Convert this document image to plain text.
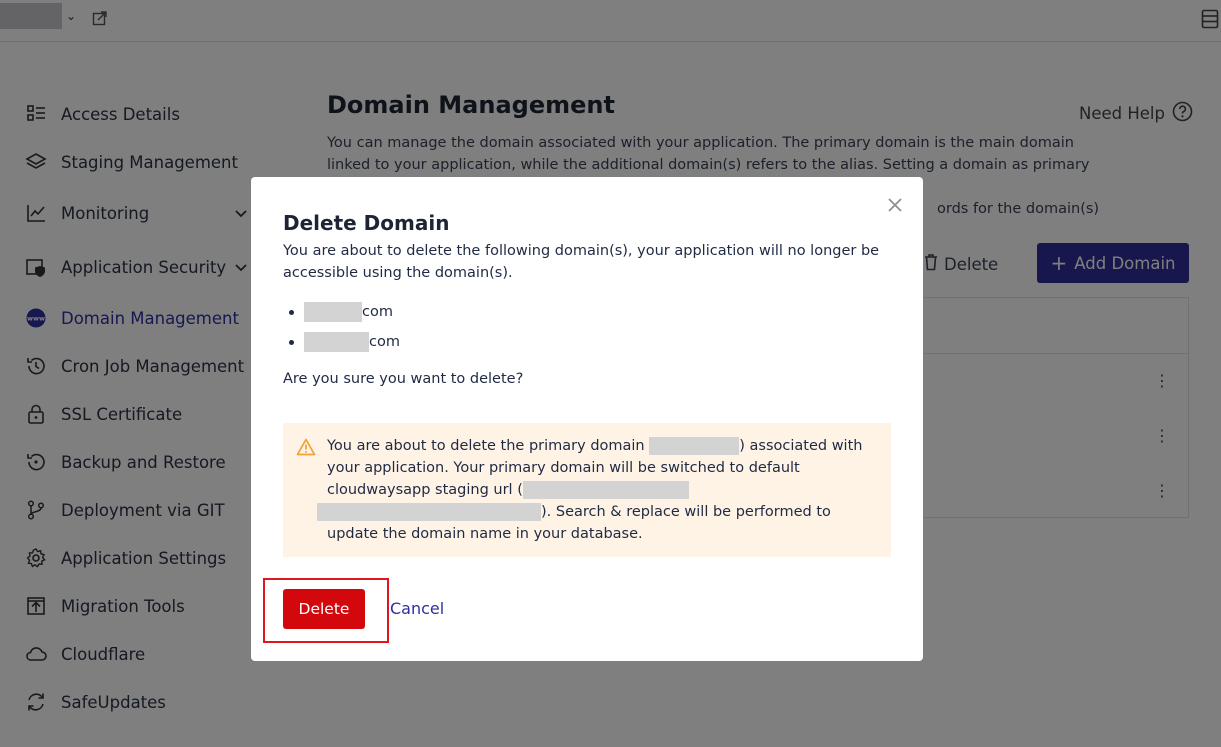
Delete Domain
You are about to delete the following domain(s), your application will no longer be accessible using the domain(s).
com
com
Are you sure you want to delete?
You are about to delete the primary domain	) associated with your application. Your primary domain will be switched to default cloudwaysapp staging url ( ). Search & replace will be performed to update the domain name in your database.
Delete	Cancel
